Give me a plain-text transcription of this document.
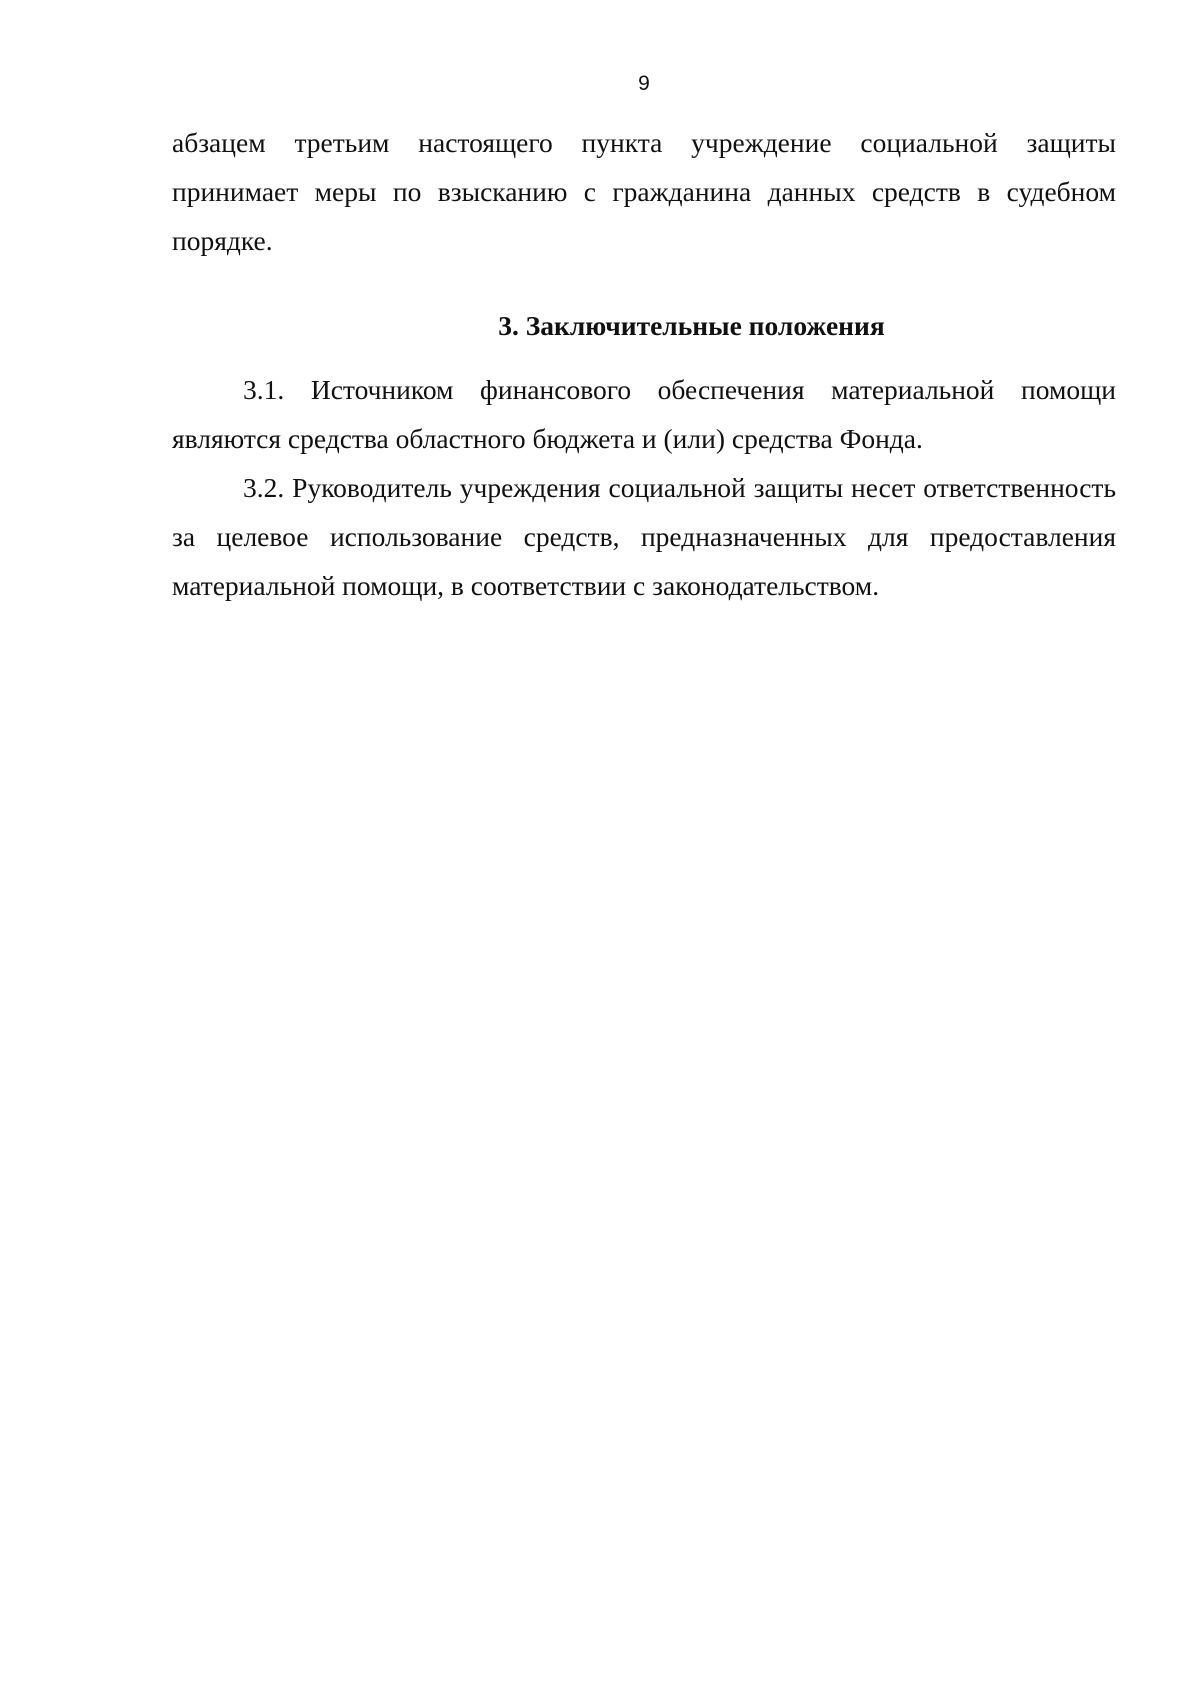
9

абзацем третьим настоящего пункта учреждение социальной защиты принимает меры по взысканию с гражданина данных средств в судебном порядке.

3. Заключительные положения

3.1. Источником финансового обеспечения материальной помощи являются средства областного бюджета и (или) средства Фонда.

3.2. Руководитель учреждения социальной защиты несет ответственность за целевое использование средств, предназначенных для предоставления материальной помощи, в соответствии с законодательством.
